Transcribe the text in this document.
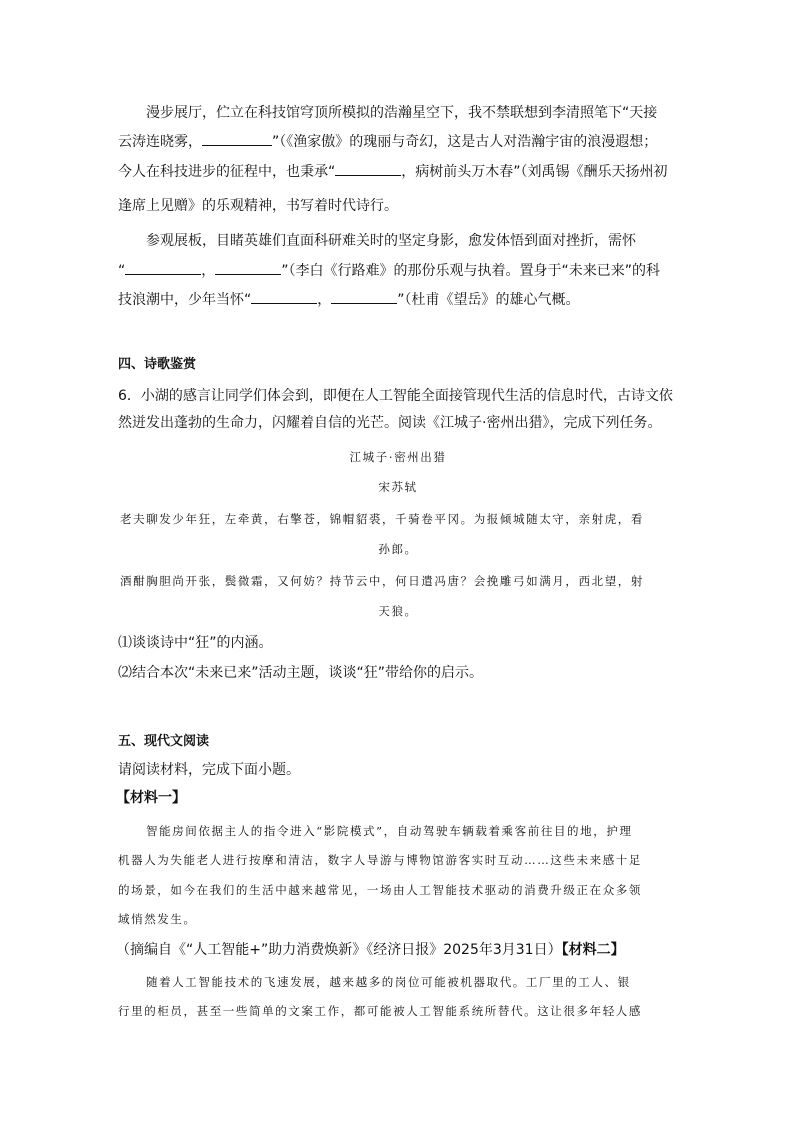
漫步展厅，伫立在科技馆穹顶所模拟的浩瀚星空下，我不禁联想到李清照笔下“天接

云涛连晓雾，	”（《渔家傲》的瑰丽与奇幻，这是古人对浩瀚宇宙的浪漫遐想；

今人在科技进步的征程中，也秉承“	，病树前头万木春”（刘禹锡《酬乐天扬州初

逢席上见赠》的乐观精神，书写着时代诗行。

参观展板，目睹英雄们直面科研难关时的坚定身影，愈发体悟到面对挫折，需怀

“	，	”（李白《行路难》的那份乐观与执着。置身于“未来已来”的科

技浪潮中，少年当怀“	，	”（杜甫《望岳》的雄心气概。

四、诗歌鉴赏

6．小湖的感言让同学们体会到，即便在人工智能全面接管现代生活的信息时代，古诗文依

然迸发出蓬勃的生命力，闪耀着自信的光芒。阅读《江城子·密州出猎》，完成下列任务。

江城子·密州出猎

宋苏轼

老夫聊发少年狂，左牵黄，右擎苍，锦帽貂裘，千骑卷平冈。为报倾城随太守，亲射虎，看

孙郎。

酒酣胸胆尚开张，鬓微霜，又何妨？持节云中，何日遣冯唐？会挽雕弓如满月，西北望，射

天狼。

⑴谈谈诗中“狂”的内涵。

⑵结合本次“未来已来”活动主题，谈谈“狂”带给你的启示。

五、现代文阅读

请阅读材料，完成下面小题。

【材料一】

智能房间依据主人的指令进入“影院模式”，自动驾驶车辆载着乘客前往目的地，护理

机器人为失能老人进行按摩和清洁，数字人导游与博物馆游客实时互动……这些未来感十足

的场景，如今在我们的生活中越来越常见，一场由人工智能技术驱动的消费升级正在众多领

域悄然发生。

（摘编自《“人工智能+”助力消费焕新》《经济日报》2025年3月31日）【材料二】

随着人工智能技术的飞速发展，越来越多的岗位可能被机器取代。工厂里的工人、银

行里的柜员，甚至一些简单的文案工作，都可能被人工智能系统所替代。这让很多年轻人感
